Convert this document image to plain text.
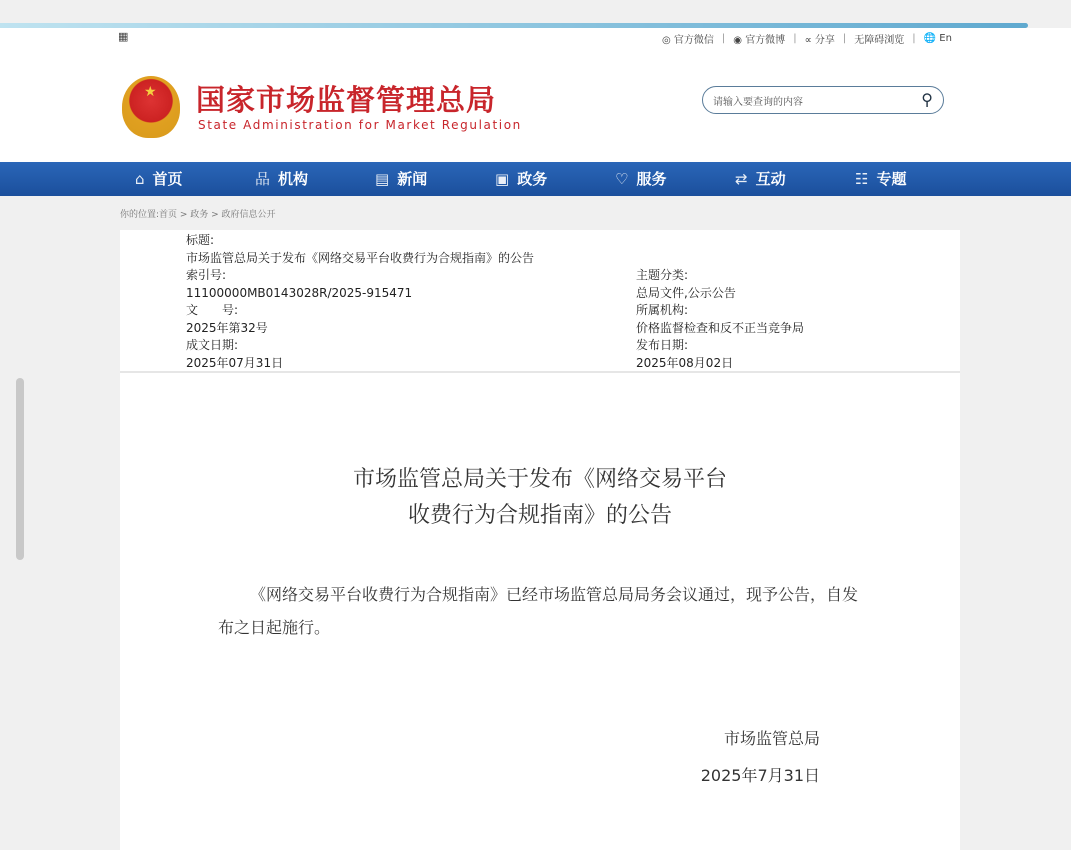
▦	◎ 官方微信 | ◉ 官方微博 | ∝ 分享 | 无障碍浏览 | 🌐 En
★ 国家市场监督管理总局
State Administration for Market Regulation
请输入要查询的内容	⚲
⌂ 首页	品 机构	▤ 新闻	▣ 政务	♡ 服务	⇄ 互动	☷ 专题
你的位置:首页 > 政务 > 政府信息公开
标题:
市场监管总局关于发布《网络交易平台收费行为合规指南》的公告
索引号:
11100000MB0143028R/2025-915471
文　　号:
2025年第32号
成文日期:
2025年07月31日
主题分类:
总局文件,公示公告
所属机构:
价格监督检查和反不正当竞争局
发布日期:
2025年08月02日
市场监管总局关于发布《网络交易平台
收费行为合规指南》的公告
《网络交易平台收费行为合规指南》已经市场监管总局局务会议通过，现予公告，自发布之日起施行。
市场监管总局
2025年7月31日
